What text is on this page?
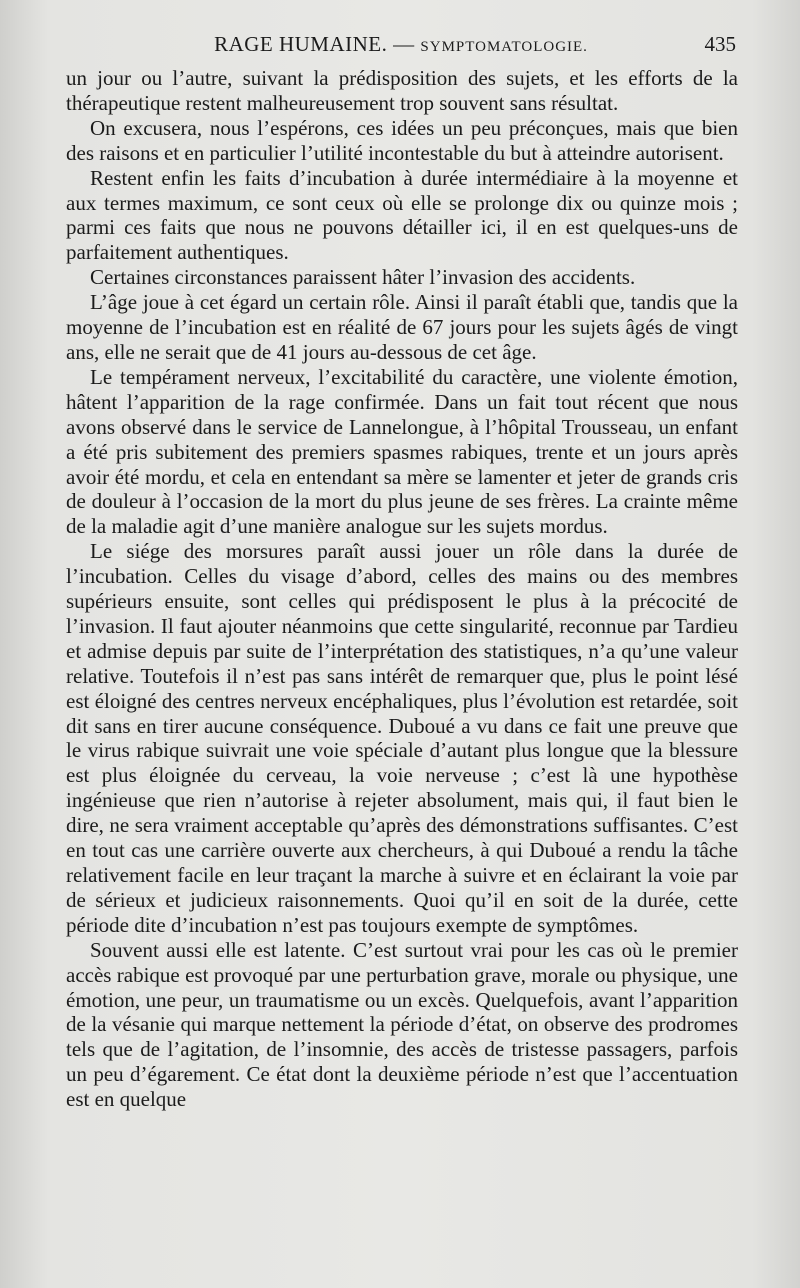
RAGE HUMAINE. — SYMPTOMATOLOGIE.	435

un jour ou l’autre, suivant la prédisposition des sujets, et les efforts de la thérapeutique restent malheureusement trop souvent sans résultat.

On excusera, nous l’espérons, ces idées un peu préconçues, mais que bien des raisons et en particulier l’utilité incontestable du but à atteindre autorisent.

Restent enfin les faits d’incubation à durée intermédiaire à la moyenne et aux termes maximum, ce sont ceux où elle se prolonge dix ou quinze mois ; parmi ces faits que nous ne pouvons détailler ici, il en est quelques-uns de parfaitement authentiques.

Certaines circonstances paraissent hâter l’invasion des accidents.

L’âge joue à cet égard un certain rôle. Ainsi il paraît établi que, tandis que la moyenne de l’incubation est en réalité de 67 jours pour les sujets âgés de vingt ans, elle ne serait que de 41 jours au-dessous de cet âge.

Le tempérament nerveux, l’excitabilité du caractère, une violente émotion, hâtent l’apparition de la rage confirmée. Dans un fait tout récent que nous avons observé dans le service de Lannelongue, à l’hôpital Trousseau, un enfant a été pris subitement des premiers spasmes rabiques, trente et un jours après avoir été mordu, et cela en entendant sa mère se lamenter et jeter de grands cris de douleur à l’occasion de la mort du plus jeune de ses frères. La crainte même de la maladie agit d’une manière analogue sur les sujets mordus.

Le siége des morsures paraît aussi jouer un rôle dans la durée de l’incubation. Celles du visage d’abord, celles des mains ou des membres supérieurs ensuite, sont celles qui prédisposent le plus à la précocité de l’invasion. Il faut ajouter néanmoins que cette singularité, reconnue par Tardieu et admise depuis par suite de l’interprétation des statistiques, n’a qu’une valeur relative. Toutefois il n’est pas sans intérêt de remarquer que, plus le point lésé est éloigné des centres nerveux encéphaliques, plus l’évolution est retardée, soit dit sans en tirer aucune conséquence. Duboué a vu dans ce fait une preuve que le virus rabique suivrait une voie spéciale d’autant plus longue que la blessure est plus éloignée du cerveau, la voie nerveuse ; c’est là une hypothèse ingénieuse que rien n’autorise à rejeter absolument, mais qui, il faut bien le dire, ne sera vraiment acceptable qu’après des démonstrations suffisantes. C’est en tout cas une carrière ouverte aux chercheurs, à qui Duboué a rendu la tâche relativement facile en leur traçant la marche à suivre et en éclairant la voie par de sérieux et judicieux raisonnements. Quoi qu’il en soit de la durée, cette période dite d’incubation n’est pas toujours exempte de symptômes.

Souvent aussi elle est latente. C’est surtout vrai pour les cas où le premier accès rabique est provoqué par une perturbation grave, morale ou physique, une émotion, une peur, un traumatisme ou un excès. Quelquefois, avant l’apparition de la vésanie qui marque nettement la période d’état, on observe des prodromes tels que de l’agitation, de l’insomnie, des accès de tristesse passagers, parfois un peu d’égarement. Ce état dont la deuxième période n’est que l’accentuation est en quelque
